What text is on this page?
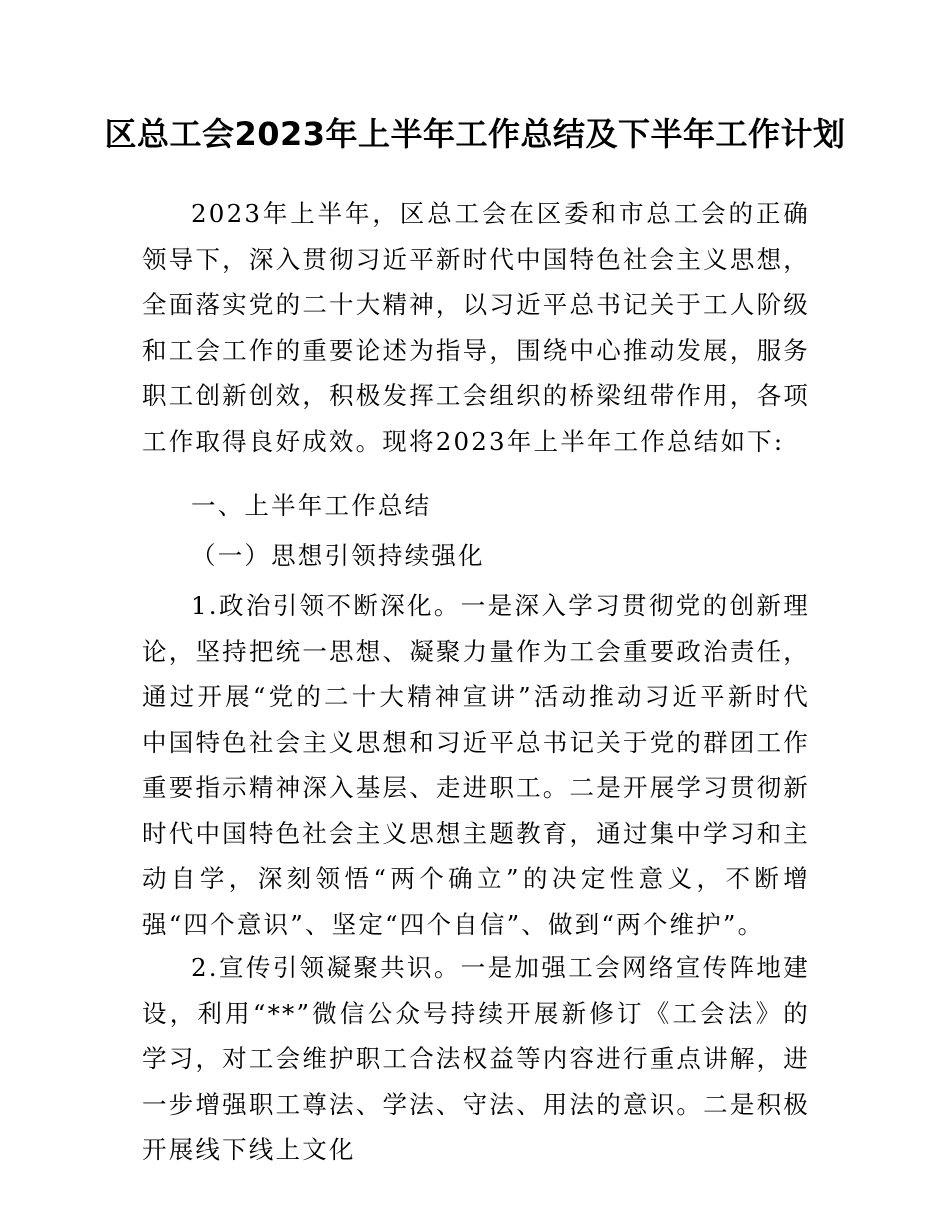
区总工会2023年上半年工作总结及下半年工作计划
2023年上半年，区总工会在区委和市总工会的正确领导下，深入贯彻习近平新时代中国特色社会主义思想，全面落实党的二十大精神，以习近平总书记关于工人阶级和工会工作的重要论述为指导，围绕中心推动发展，服务职工创新创效，积极发挥工会组织的桥梁纽带作用，各项工作取得良好成效。现将2023年上半年工作总结如下:
一、上半年工作总结
（一）思想引领持续强化
1.政治引领不断深化。一是深入学习贯彻党的创新理论，坚持把统一思想、凝聚力量作为工会重要政治责任，通过开展“党的二十大精神宣讲”活动推动习近平新时代中国特色社会主义思想和习近平总书记关于党的群团工作重要指示精神深入基层、走进职工。二是开展学习贯彻新时代中国特色社会主义思想主题教育，通过集中学习和主动自学，深刻领悟“两个确立”的决定性意义，不断增强“四个意识”、坚定“四个自信”、做到“两个维护”。
2.宣传引领凝聚共识。一是加强工会网络宣传阵地建设，利用“**”微信公众号持续开展新修订《工会法》的学习，对工会维护职工合法权益等内容进行重点讲解，进一步增强职工尊法、学法、守法、用法的意识。二是积极开展线下线上文化
